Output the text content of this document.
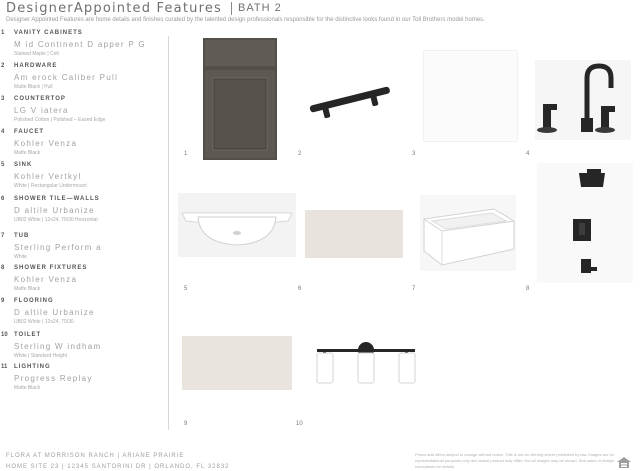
DesignerAppointed Features BATH 2
Designer Appointed Features are home details and finishes curated by the talented design professionals responsible for the distinctive looks found in our Toll Brothers model homes.
1 VANITY CABINETS
M id Continent D apper P G
Stained Maple | Colt
2 HARDWARE
Am erock Caliber Pull
Matte Black | Pull
3 COUNTERTOP
LG V iatera
Polished Cotton | Polished – Eased Edge
4 FAUCET
Kohler Venza
Matte Black
5 SINK
Kohler Vertkyl
White | Rectangular Undermount
6 SHOWER TILE—WALLS
D altile Urbanize
UB02 White | 12x24, 70/30 Horizontal
7 TUB
Sterling Perform a
White
8 SHOWER FIXTURES
Kohler Venza
Matte Black
9 FLOORING
D altile Urbanize
UB02 White | 12x24, 70/30
10 TOILET
Sterling W indham
White | Standard Height
11 LIGHTING
Progress Replay
Matte Black
1	2	3	4
5	6	7	8
9	10
FLORA AT MORRISON RANCH | ARIANE PRAIRIE
HOME SITE 23 | 12345 SANTORINI DR | ORLANDO, FL 32832
Prices and offers subject to change without notice. This is not an offering where prohibited by law. Images are for representational purposes only and actual product may differ. Not all images may be shown. See sales or design consultants for details.
